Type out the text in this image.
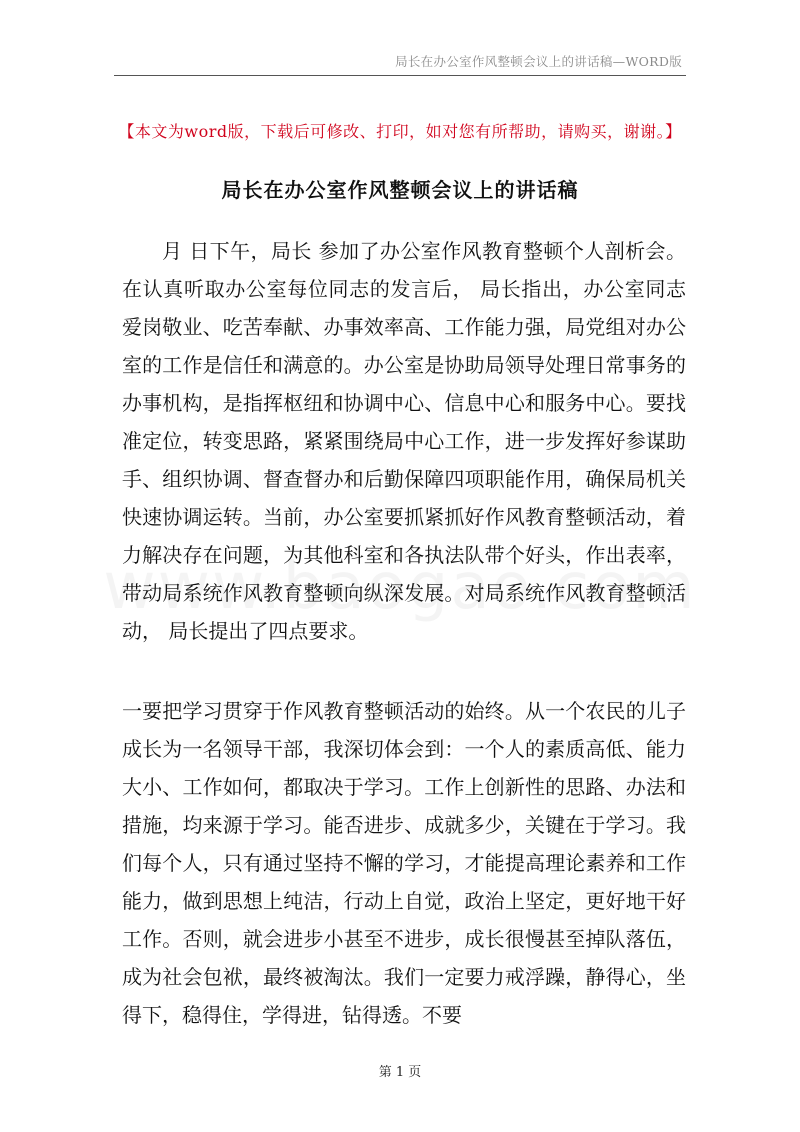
局长在办公室作风整顿会议上的讲话稿—WORD版
【本文为word版，下载后可修改、打印，如对您有所帮助，请购买，谢谢。】
局长在办公室作风整顿会议上的讲话稿

月 日下午，局长 参加了办公室作风教育整顿个人剖析会。在认真听取办公室每位同志的发言后， 局长指出，办公室同志爱岗敬业、吃苦奉献、办事效率高、工作能力强，局党组对办公室的工作是信任和满意的。办公室是协助局领导处理日常事务的办事机构，是指挥枢纽和协调中心、信息中心和服务中心。要找准定位，转变思路，紧紧围绕局中心工作，进一步发挥好参谋助手、组织协调、督查督办和后勤保障四项职能作用，确保局机关快速协调运转。当前，办公室要抓紧抓好作风教育整顿活动，着力解决存在问题，为其他科室和各执法队带个好头，作出表率，带动局系统作风教育整顿向纵深发展。对局系统作风教育整顿活动， 局长提出了四点要求。

一要把学习贯穿于作风教育整顿活动的始终。从一个农民的儿子成长为一名领导干部，我深切体会到：一个人的素质高低、能力大小、工作如何，都取决于学习。工作上创新性的思路、办法和措施，均来源于学习。能否进步、成就多少，关键在于学习。我们每个人，只有通过坚持不懈的学习，才能提高理论素养和工作能力，做到思想上纯洁，行动上自觉，政治上坚定，更好地干好工作。否则，就会进步小甚至不进步，成长很慢甚至掉队落伍，成为社会包袱，最终被淘汰。我们一定要力戒浮躁，静得心，坐得下，稳得住，学得进，钻得透。不要

第 1 页
